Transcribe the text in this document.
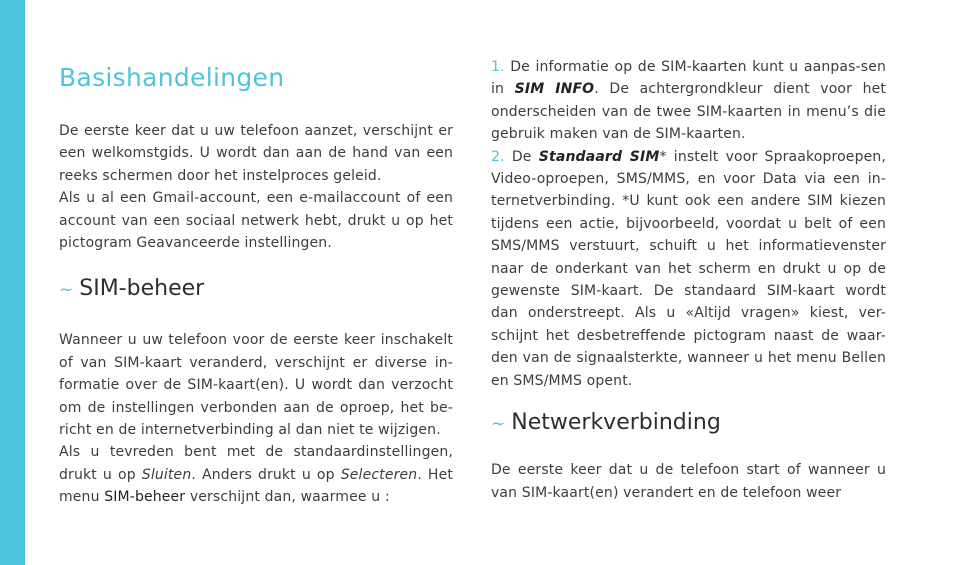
Basishandelingen

De eerste keer dat u uw telefoon aanzet, verschijnt er een welkomstgids. U wordt dan aan de hand van een reeks schermen door het instelproces geleid.

Als u al een Gmail-account, een e-mailaccount of een account van een sociaal netwerk hebt, drukt u op het pictogram Geavanceerde instellingen.

~ SIM-beheer

Wanneer u uw telefoon voor de eerste keer inschakelt of van SIM-kaart veranderd, verschijnt er diverse in-formatie over de SIM-kaart(en). U wordt dan verzocht om de instellingen verbonden aan de oproep, het be-richt en de internetverbinding al dan niet te wijzigen.

Als u tevreden bent met de standaardinstellingen, drukt u op Sluiten. Anders drukt u op Selecteren. Het menu SIM-beheer verschijnt dan, waarmee u :

1. De informatie op de SIM-kaarten kunt u aanpas-sen in SIM INFO. De achtergrondkleur dient voor het onderscheiden van de twee SIM-kaarten in menu’s die gebruik maken van de SIM-kaarten.

2. De Standaard SIM* instelt voor Spraakoproepen, Video-oproepen, SMS/MMS, en voor Data via een in-ternetverbinding. *U kunt ook een andere SIM kiezen tijdens een actie, bijvoorbeeld, voordat u belt of een SMS/MMS verstuurt, schuift u het informatievenster naar de onderkant van het scherm en drukt u op de gewenste SIM-kaart. De standaard SIM-kaart wordt dan onderstreept. Als u «Altijd vragen» kiest, ver-schijnt het desbetreffende pictogram naast de waar-den van de signaalsterkte, wanneer u het menu Bellen en SMS/MMS opent.

~ Netwerkverbinding

De eerste keer dat u de telefoon start of wanneer u van SIM-kaart(en) verandert en de telefoon weer
